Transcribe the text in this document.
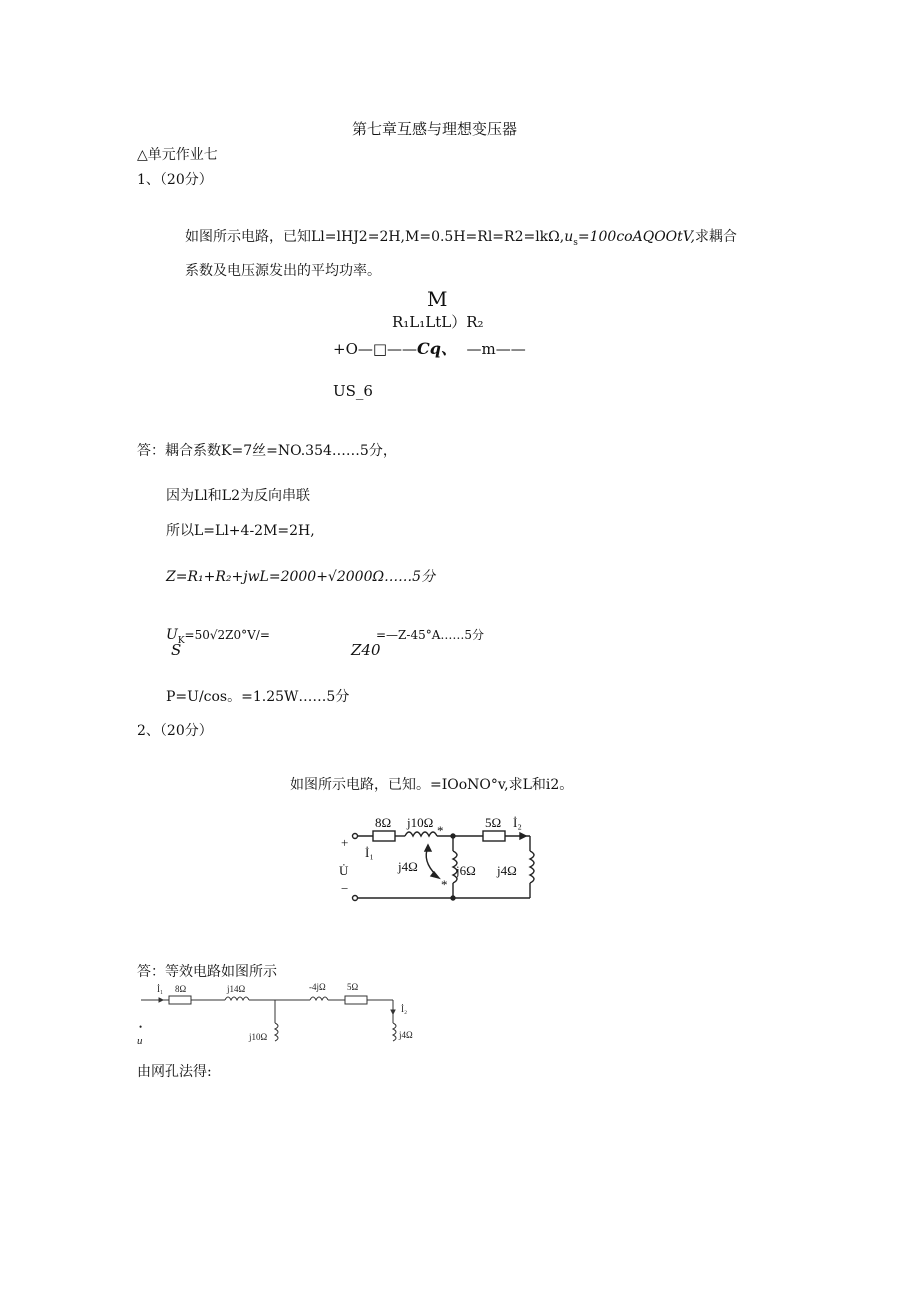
第七章互感与理想变压器
△单元作业七
1、（20分）
如图所示电路，已知$Ll=lHJ2=2H,M=0.5H=Rl=R2=lk\Omega,u_s=100coAQOOtV$,求耦合
系数及电压源发出的平均功率。
M
R₁L₁LtL）R₂
+O—□——Cq、 —m——
US_6
答：耦合系数K=7丝=NO.354……5分，
因为Ll和L2为反向串联
所以L=Ll+4-2M=2H,
Z=R₁+R₂+jwL=2000+√2000Ω……5分
$U_K=50√2Z0^\circ V/=$	=—Z-45°A……5分
S	Z40
P=U/cos。=1.25W……5分
2、（20分）
如图所示电路，已知。=IOoNO°v,求L和i2。
8Ω j10Ω
*
5Ω İ₂
+
İ₁
j4Ω	j6Ω j4Ω
U̇
−	*
答：等效电路如图所示
İ₁ 8Ω	j14Ω	-4jΩ 5Ω
İ₂
•
u	j10Ω	j4Ω
由网孔法得:
